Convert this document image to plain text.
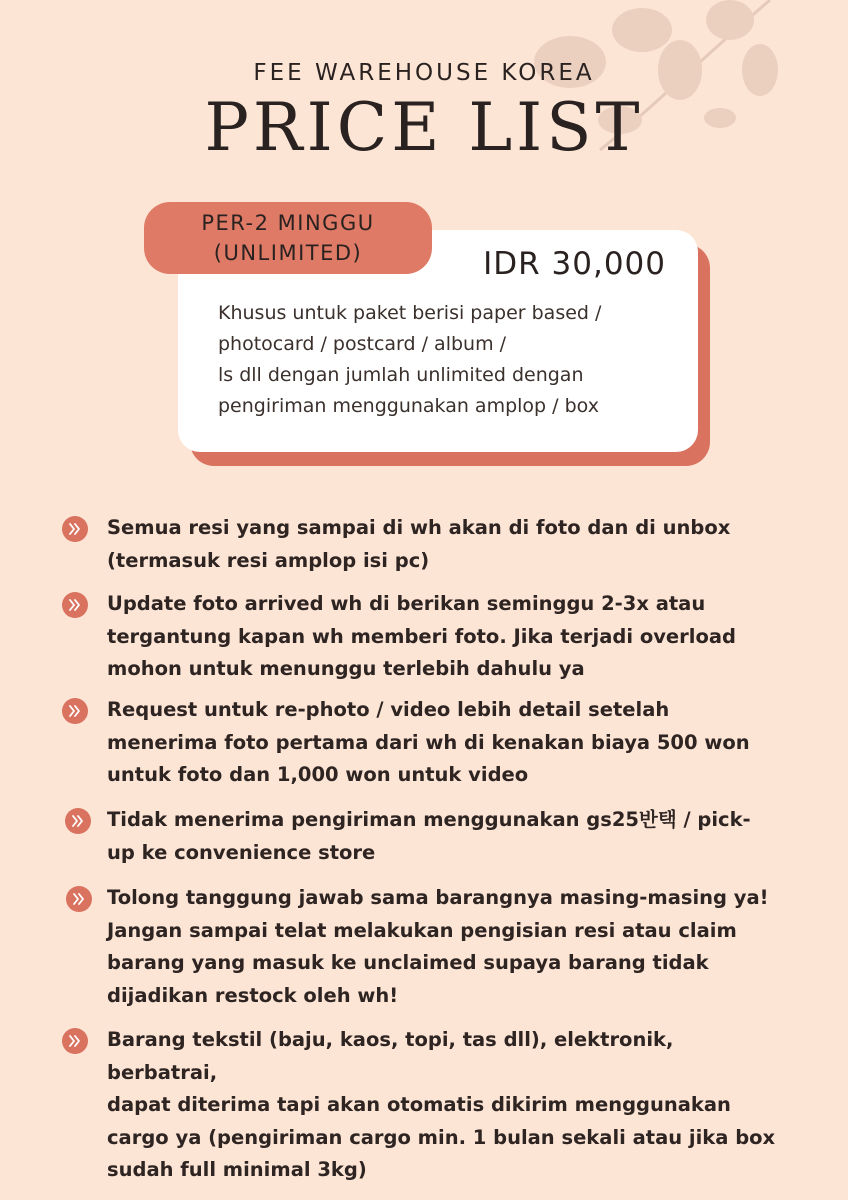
FEE WAREHOUSE KOREA
PRICE LIST
IDR 30,000
Khusus untuk paket berisi paper based /
photocard / postcard / album /
ls dll dengan jumlah unlimited dengan
pengiriman menggunakan amplop / box
PER-2 MINGGU
(UNLIMITED)
Semua resi yang sampai di wh akan di foto dan di unbox
(termasuk resi amplop isi pc)
Update foto arrived wh di berikan seminggu 2-3x atau
tergantung kapan wh memberi foto. Jika terjadi overload
mohon untuk menunggu terlebih dahulu ya
Request untuk re-photo / video lebih detail setelah
menerima foto pertama dari wh di kenakan biaya 500 won
untuk foto dan 1,000 won untuk video
Tidak menerima pengiriman menggunakan gs25반택 / pick-
up ke convenience store
Tolong tanggung jawab sama barangnya masing-masing ya!
Jangan sampai telat melakukan pengisian resi atau claim
barang yang masuk ke unclaimed supaya barang tidak
dijadikan restock oleh wh!
Barang tekstil (baju, kaos, topi, tas dll), elektronik, berbatrai,
dapat diterima tapi akan otomatis dikirim menggunakan
cargo ya (pengiriman cargo min. 1 bulan sekali atau jika box
sudah full minimal 3kg)
